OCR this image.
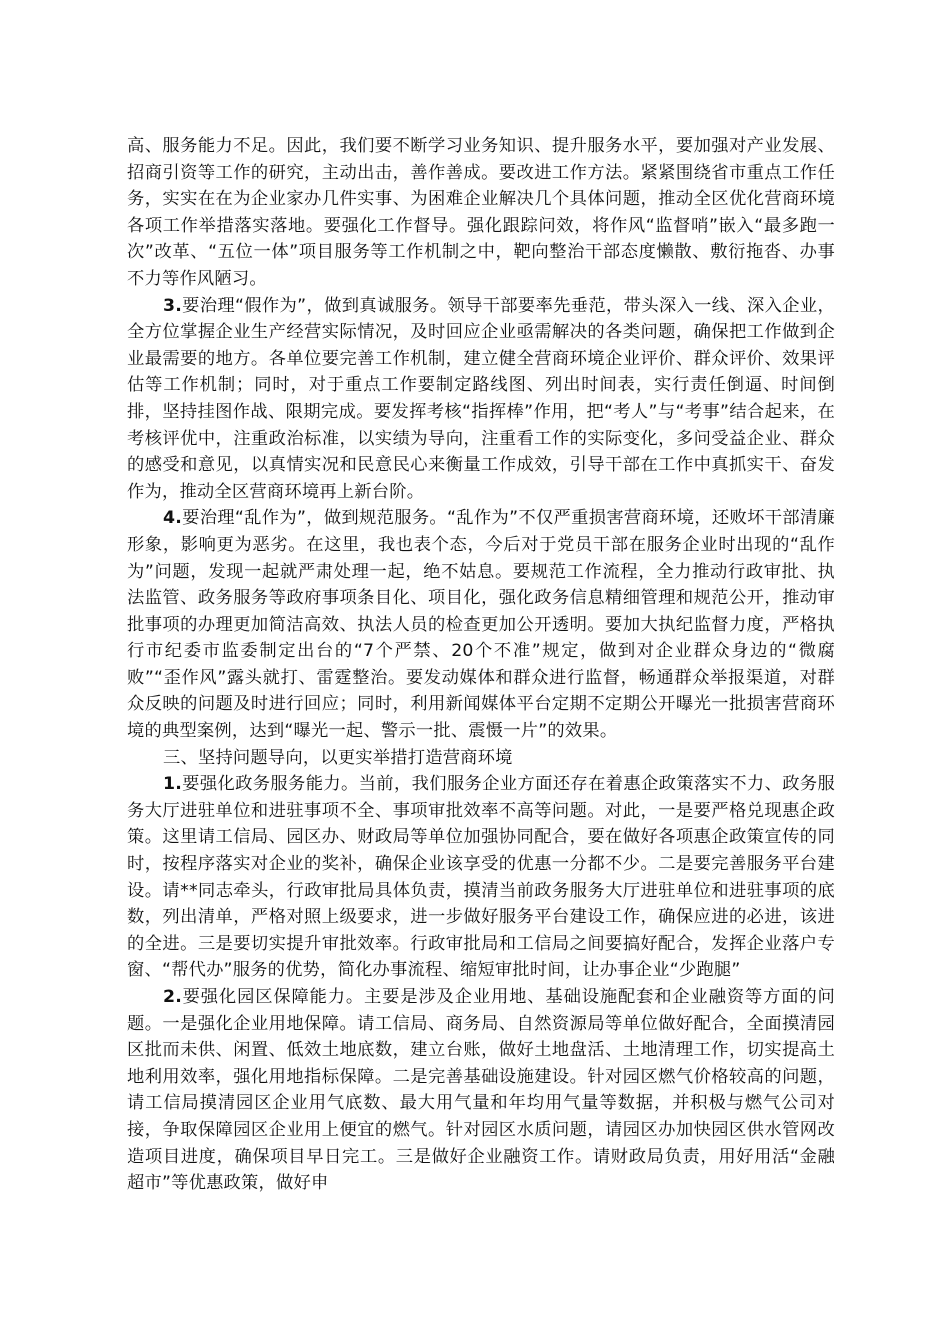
高、服务能力不足。因此，我们要不断学习业务知识、提升服务水平，要加强对产业发展、招商引资等工作的研究，主动出击，善作善成。要改进工作方法。紧紧围绕省市重点工作任务，实实在在为企业家办几件实事、为困难企业解决几个具体问题，推动全区优化营商环境各项工作举措落实落地。要强化工作督导。强化跟踪问效，将作风“监督哨”嵌入“最多跑一次”改革、“五位一体”项目服务等工作机制之中，靶向整治干部态度懒散、敷衍拖沓、办事不力等作风陋习。

3.要治理“假作为”，做到真诚服务。领导干部要率先垂范，带头深入一线、深入企业，全方位掌握企业生产经营实际情况，及时回应企业亟需解决的各类问题，确保把工作做到企业最需要的地方。各单位要完善工作机制，建立健全营商环境企业评价、群众评价、效果评估等工作机制；同时，对于重点工作要制定路线图、列出时间表，实行责任倒逼、时间倒排，坚持挂图作战、限期完成。要发挥考核“指挥棒”作用，把“考人”与“考事”结合起来，在考核评优中，注重政治标准，以实绩为导向，注重看工作的实际变化，多问受益企业、群众的感受和意见，以真情实况和民意民心来衡量工作成效，引导干部在工作中真抓实干、奋发作为，推动全区营商环境再上新台阶。

4.要治理“乱作为”，做到规范服务。“乱作为”不仅严重损害营商环境，还败坏干部清廉形象，影响更为恶劣。在这里，我也表个态，今后对于党员干部在服务企业时出现的“乱作为”问题，发现一起就严肃处理一起，绝不姑息。要规范工作流程，全力推动行政审批、执法监管、政务服务等政府事项条目化、项目化，强化政务信息精细管理和规范公开，推动审批事项的办理更加简洁高效、执法人员的检查更加公开透明。要加大执纪监督力度，严格执行市纪委市监委制定出台的“7个严禁、20个不准”规定，做到对企业群众身边的“微腐败”“歪作风”露头就打、雷霆整治。要发动媒体和群众进行监督，畅通群众举报渠道，对群众反映的问题及时进行回应；同时，利用新闻媒体平台定期不定期公开曝光一批损害营商环境的典型案例，达到“曝光一起、警示一批、震慑一片”的效果。

三、坚持问题导向，以更实举措打造营商环境

1.要强化政务服务能力。当前，我们服务企业方面还存在着惠企政策落实不力、政务服务大厅进驻单位和进驻事项不全、事项审批效率不高等问题。对此，一是要严格兑现惠企政策。这里请工信局、园区办、财政局等单位加强协同配合，要在做好各项惠企政策宣传的同时，按程序落实对企业的奖补，确保企业该享受的优惠一分都不少。二是要完善服务平台建设。请**同志牵头，行政审批局具体负责，摸清当前政务服务大厅进驻单位和进驻事项的底数，列出清单，严格对照上级要求，进一步做好服务平台建设工作，确保应进的必进，该进的全进。三是要切实提升审批效率。行政审批局和工信局之间要搞好配合，发挥企业落户专窗、“帮代办”服务的优势，简化办事流程、缩短审批时间，让办事企业“少跑腿”

2.要强化园区保障能力。主要是涉及企业用地、基础设施配套和企业融资等方面的问题。一是强化企业用地保障。请工信局、商务局、自然资源局等单位做好配合，全面摸清园区批而未供、闲置、低效土地底数，建立台账，做好土地盘活、土地清理工作，切实提高土地利用效率，强化用地指标保障。二是完善基础设施建设。针对园区燃气价格较高的问题，请工信局摸清园区企业用气底数、最大用气量和年均用气量等数据，并积极与燃气公司对接，争取保障园区企业用上便宜的燃气。针对园区水质问题，请园区办加快园区供水管网改造项目进度，确保项目早日完工。三是做好企业融资工作。请财政局负责，用好用活“金融超市”等优惠政策，做好申
